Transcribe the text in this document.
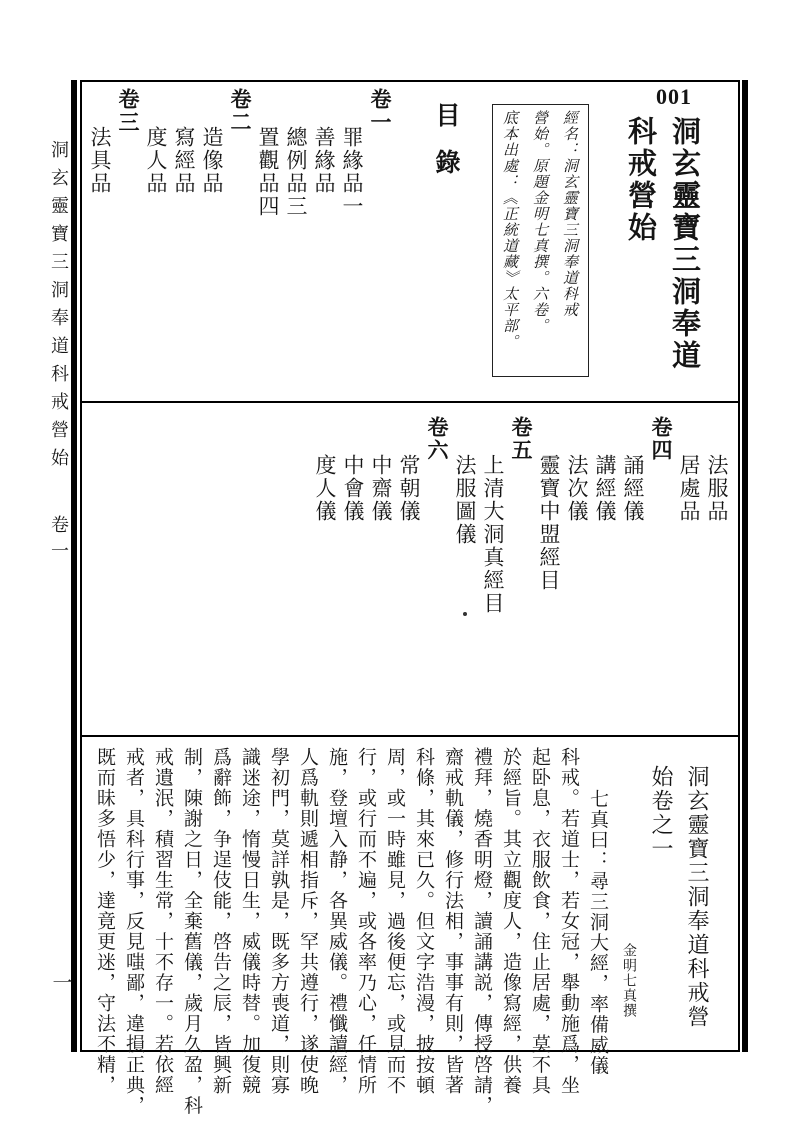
洞玄靈寶三洞奉道科戒營始
卷一
一
001
洞玄靈寶三洞奉道
科戒營始
經名：洞玄靈寶三洞奉道科戒
營始。原題金明七真撰。六卷。
底本出處：《正統道藏》太平部。
目錄
卷一
罪緣品一
善緣品
總例品三
置觀品四
卷二
造像品
寫經品
度人品
卷三
法具品
法服品
居處品
卷四
誦經儀
講經儀
法次儀
靈寶中盟經目
卷五
上清大洞真經目
法服圖儀
卷六
常朝儀
中齋儀
中會儀
度人儀
洞玄靈寶三洞奉道科戒營
始卷之一
金明七真撰
七真曰：尋三洞大經，率備威儀
科戒。若道士，若女冠，舉動施爲，坐
起卧息，衣服飲食，住止居處，莫不具
於經旨。其立觀度人，造像寫經，供養
禮拜，燒香明燈，讀誦講説，傳授啓請，
齋戒軌儀，修行法相，事事有則，皆著
科條，其來已久。但文字浩漫，披按頓
周，或一時雖見，過後便忘，或見而不
行，或行而不遍，或各率乃心，任情所
施，登壇入静，各異威儀。禮懺讀經，
人爲軌則遞相指斥，罕共遵行，遂使晚
學初門，莫詳孰是，既多方喪道，則寡
識迷途，惰慢日生，威儀時替。加復競
爲辭飾，争逞伎能，啓告之辰，皆興新
制，陳謝之日，全棄舊儀，歲月久盈，科
戒遺泯，積習生常，十不存一。若依經
戒者，具科行事，反見嗤鄙，違損正典，
既而昧多悟少，達竟更迷，守法不精，
